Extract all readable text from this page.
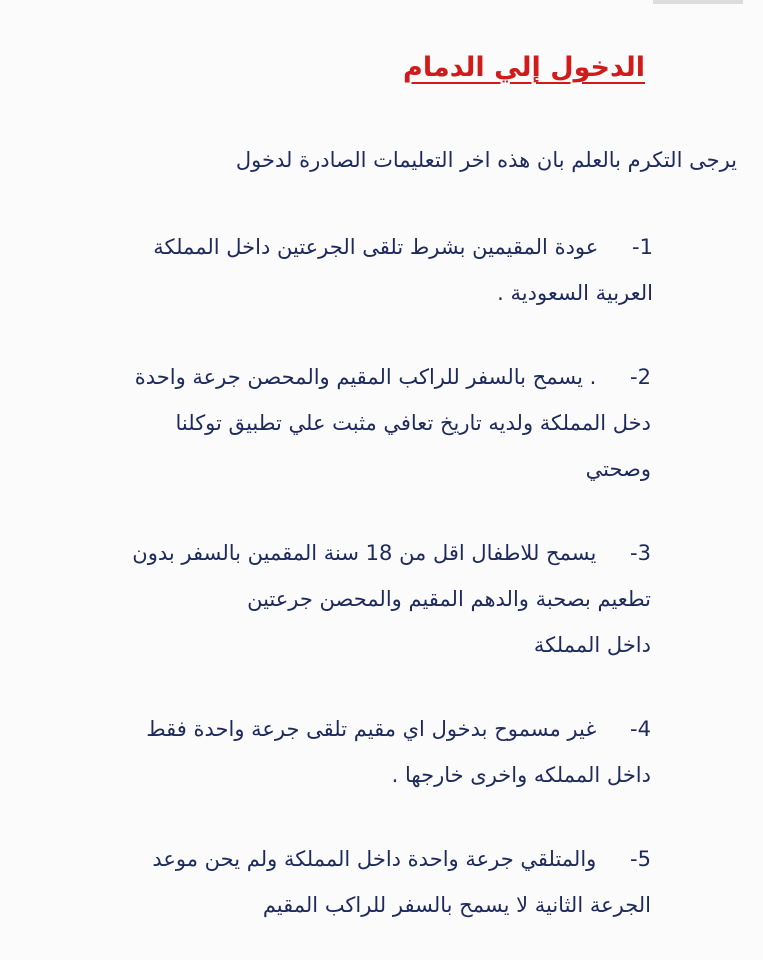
الدخول إلي الدمام
يرجى التكرم بالعلم بان هذه اخر التعليمات الصادرة لدخول
1- عودة المقيمين بشرط تلقى الجرعتين داخل المملكة
العربية السعودية .
2- . يسمح بالسفر للراكب المقيم والمحصن جرعة واحدة
دخل المملكة ولديه تاريخ تعافي مثبت علي تطبيق توكلنا
وصحتي
3- يسمح للاطفال اقل من 18 سنة المقمين بالسفر بدون
تطعيم بصحبة والدهم المقيم والمحصن جرعتين
داخل المملكة
4- غير مسموح بدخول اي مقيم تلقى جرعة واحدة فقط
داخل المملكه واخرى خارجها .
5- والمتلقي جرعة واحدة داخل المملكة ولم يحن موعد
الجرعة الثانية لا يسمح بالسفر للراكب المقيم
